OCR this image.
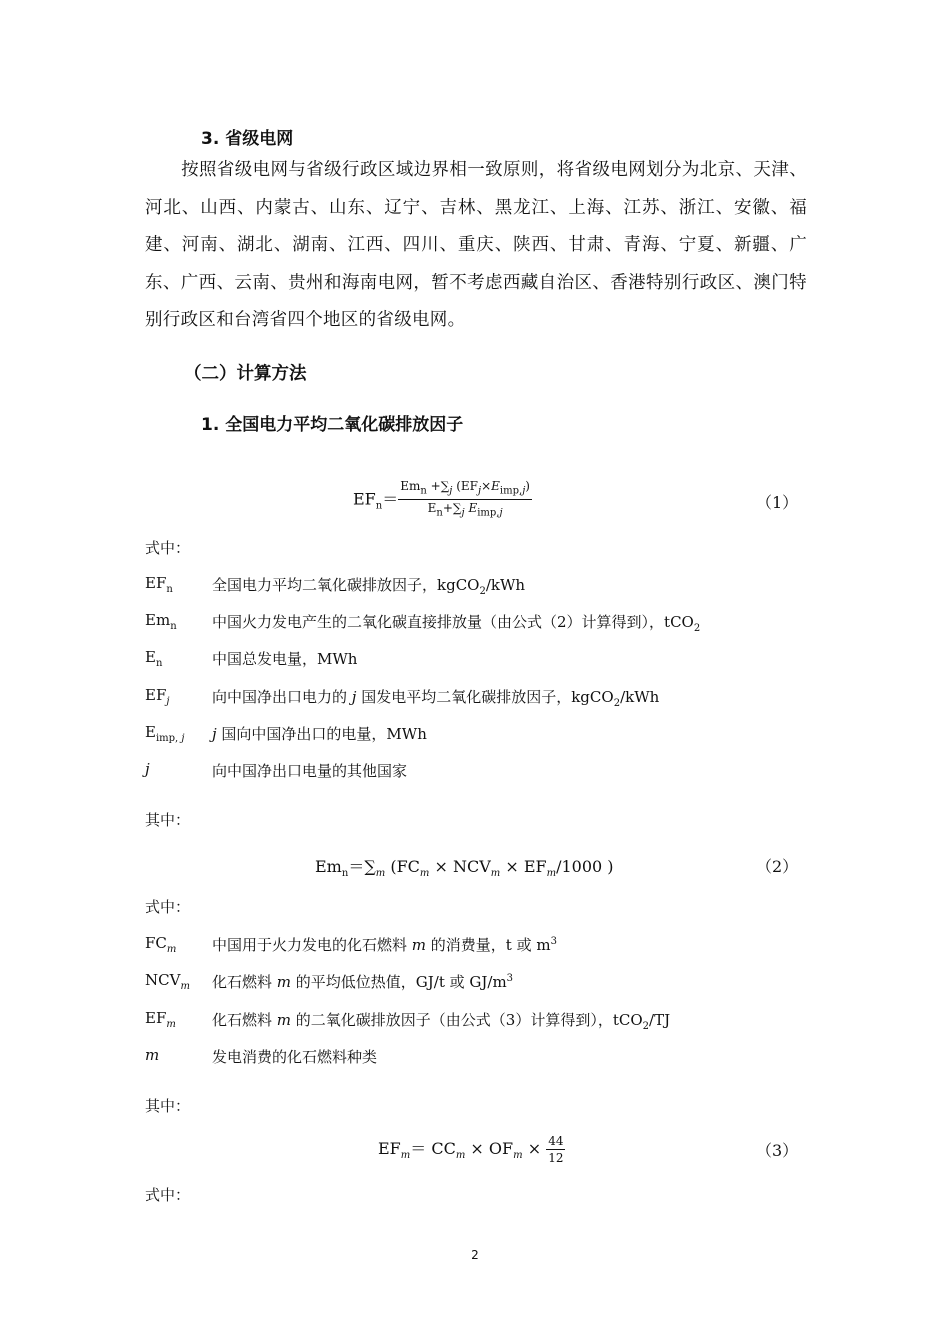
3. 省级电网
按照省级电网与省级行政区域边界相一致原则，将省级电网划分为北京、天津、河北、山西、内蒙古、山东、辽宁、吉林、黑龙江、上海、江苏、浙江、安徽、福建、河南、湖北、湖南、江西、四川、重庆、陕西、甘肃、青海、宁夏、新疆、广东、广西、云南、贵州和海南电网，暂不考虑西藏自治区、香港特别行政区、澳门特别行政区和台湾省四个地区的省级电网。
（二）计算方法
1. 全国电力平均二氧化碳排放因子
$EF_n= \frac{Em_n +\sum_j (EF_j\times E_{imp,j})}{E_n+\sum_j E_{imp,j}}$	（1）
式中：
$EF_n$	全国电力平均二氧化碳排放因子，kgCO$_2$/kWh
$Em_n$ 中国火力发电产生的二氧化碳直接排放量（由公式（2）计算得到），tCO$_2$
$E_n$	中国总发电量，MWh
$EF_j$	向中国净出口电力的 j 国发电平均二氧化碳排放因子，kgCO$_2$/kWh
$E_{imp, j}$ j 国向中国净出口的电量，MWh
j	向中国净出口电量的其他国家
其中：
$Em_n=\sum_m$ ($FC_m \times NCV_m \times EF_m/1000$ )	（2）
式中：
$FC_m$ 中国用于火力发电的化石燃料 m 的消费量，t 或 $m^3$
$NCV_m$ 化石燃料 m 的平均低位热值，GJ/t 或 $GJ/m^3$
$EF_m$ 化石燃料 m 的二氧化碳排放因子（由公式（3）计算得到），tCO$_2$/TJ
m	发电消费的化石燃料种类
其中：
$EF_m= CC_m \times OF_m \times \frac{44}{12}$	（3）
式中：
2
